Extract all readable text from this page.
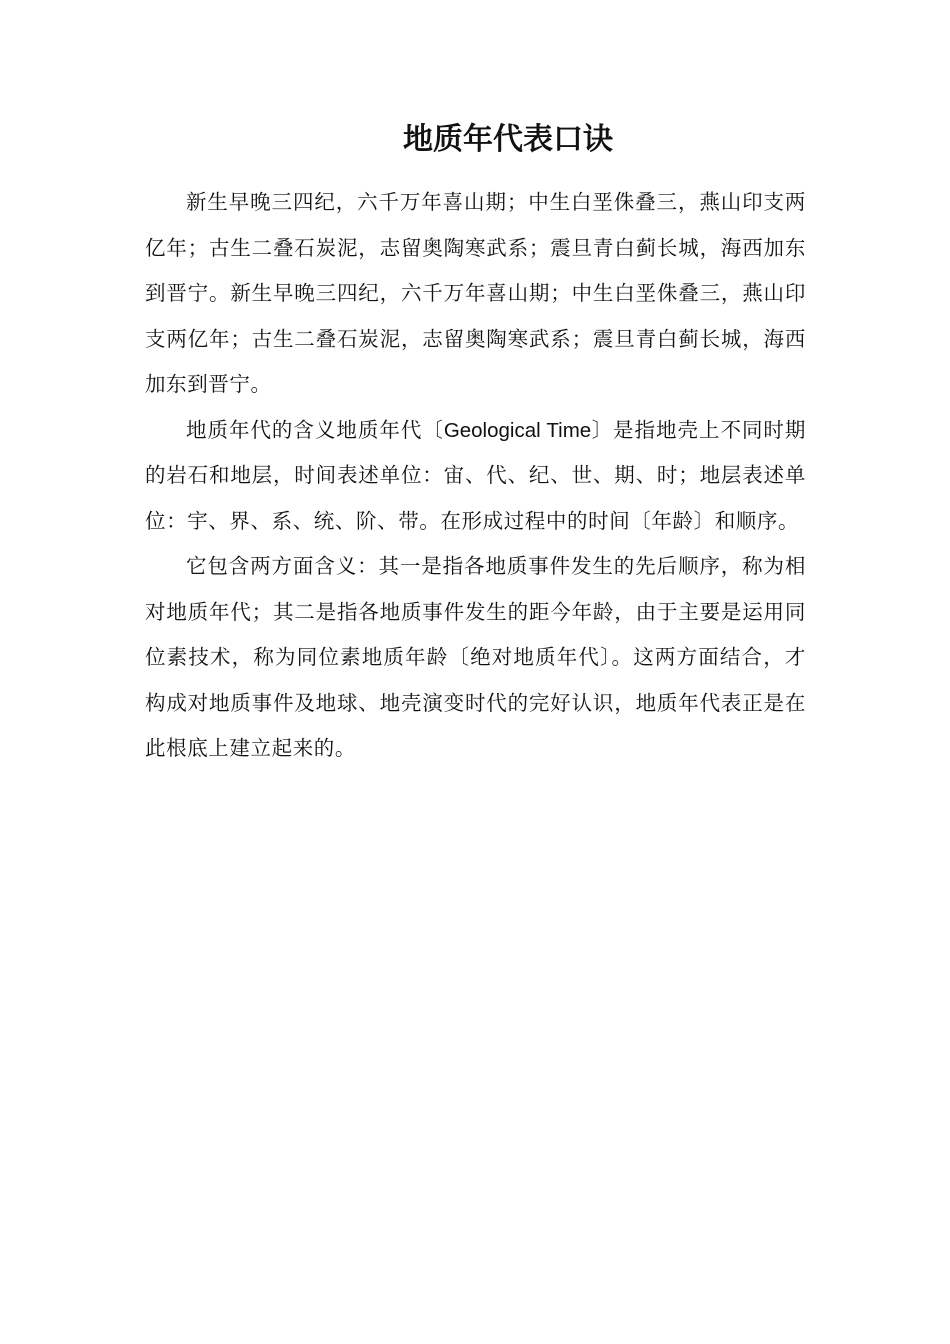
地质年代表口诀

新生早晚三四纪，六千万年喜山期；中生白垩侏叠三，燕山印支两亿年；古生二叠石炭泥，志留奥陶寒武系；震旦青白蓟长城，海西加东到晋宁。新生早晚三四纪，六千万年喜山期；中生白垩侏叠三，燕山印支两亿年；古生二叠石炭泥，志留奥陶寒武系；震旦青白蓟长城，海西加东到晋宁。

地质年代的含义地质年代〔Geological Time〕是指地壳上不同时期的岩石和地层，时间表述单位：宙、代、纪、世、期、时；地层表述单位：宇、界、系、统、阶、带。在形成过程中的时间〔年龄〕和顺序。

它包含两方面含义：其一是指各地质事件发生的先后顺序，称为相对地质年代；其二是指各地质事件发生的距今年龄，由于主要是运用同位素技术，称为同位素地质年龄〔绝对地质年代〕。这两方面结合，才构成对地质事件及地球、地壳演变时代的完好认识，地质年代表正是在此根底上建立起来的。
